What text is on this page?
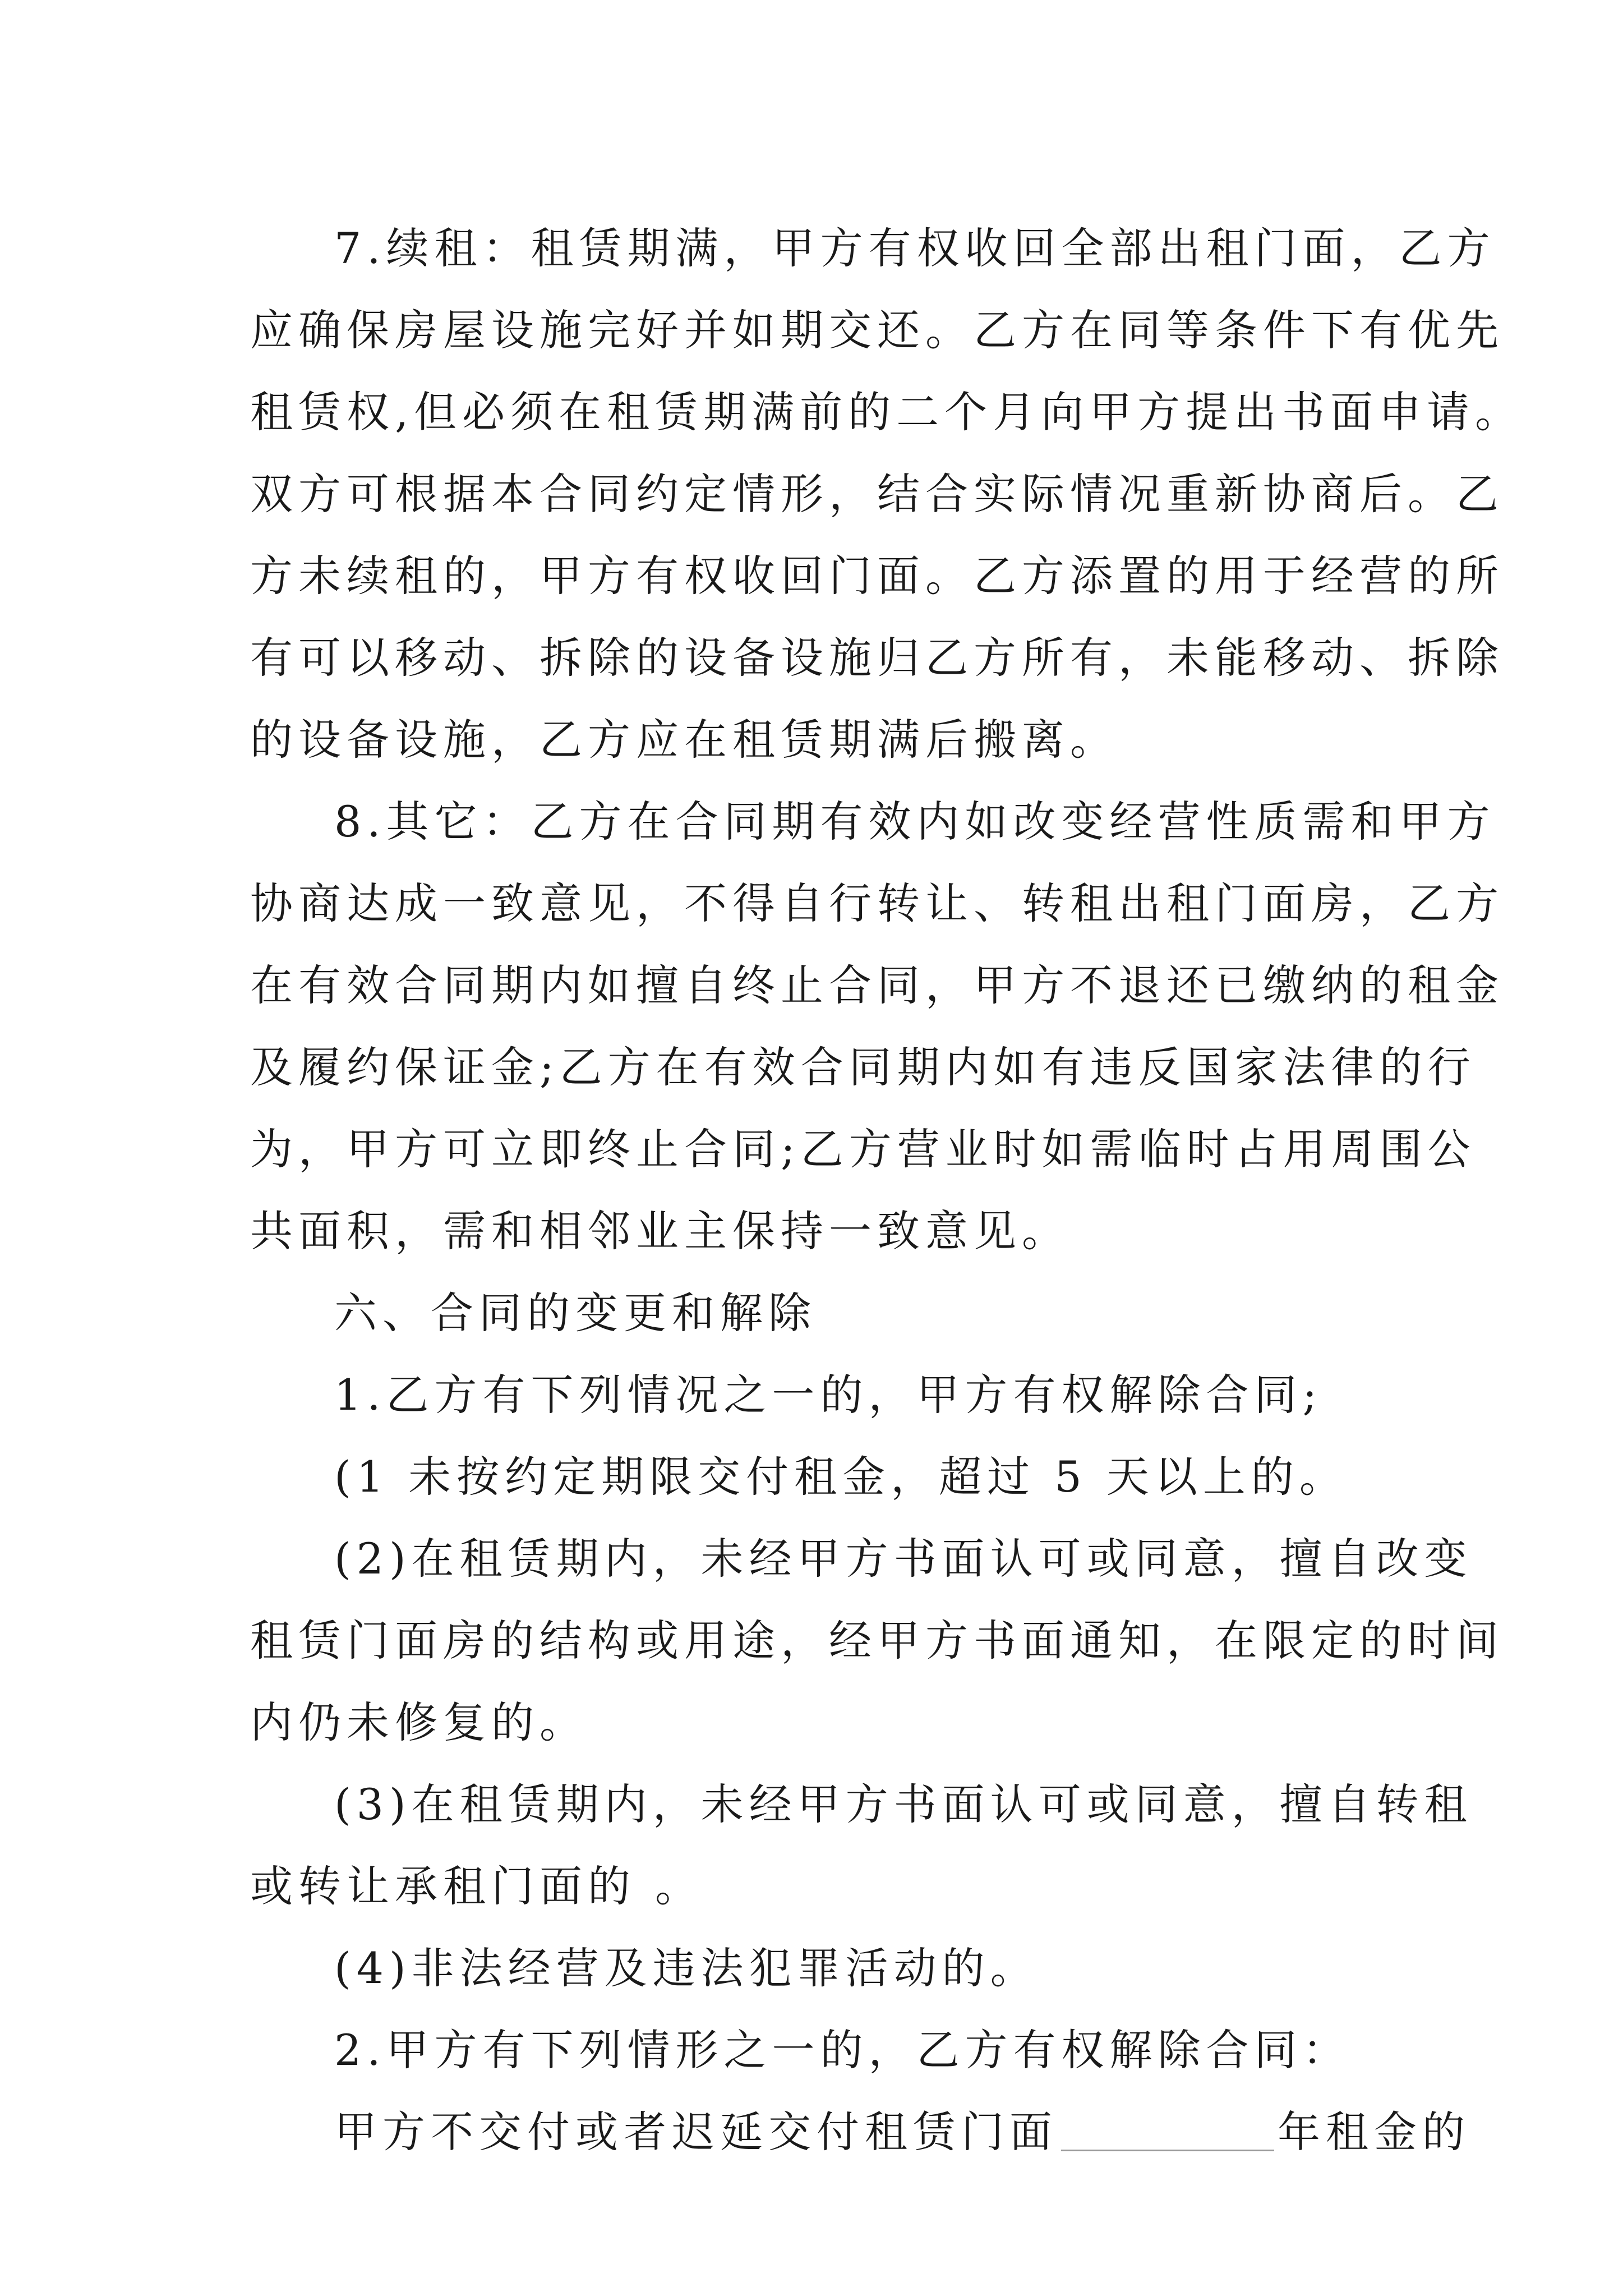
7.续租：租赁期满，甲方有权收回全部出租门面，乙方
应确保房屋设施完好并如期交还。乙方在同等条件下有优先
租赁权,但必须在租赁期满前的二个月向甲方提出书面申请。
双方可根据本合同约定情形，结合实际情况重新协商后。乙
方未续租的，甲方有权收回门面。乙方添置的用于经营的所
有可以移动、拆除的设备设施归乙方所有，未能移动、拆除
的设备设施，乙方应在租赁期满后搬离。
8.其它：乙方在合同期有效内如改变经营性质需和甲方
协商达成一致意见，不得自行转让、转租出租门面房，乙方
在有效合同期内如擅自终止合同，甲方不退还已缴纳的租金
及履约保证金;乙方在有效合同期内如有违反国家法律的行
为，甲方可立即终止合同;乙方营业时如需临时占用周围公
共面积，需和相邻业主保持一致意见。
六、合同的变更和解除
1.乙方有下列情况之一的，甲方有权解除合同;
(1 未按约定期限交付租金，超过 5 天以上的。
(2)在租赁期内，未经甲方书面认可或同意，擅自改变
租赁门面房的结构或用途，经甲方书面通知，在限定的时间
内仍未修复的。
(3)在租赁期内，未经甲方书面认可或同意，擅自转租
或转让承租门面的 。
(4)非法经营及违法犯罪活动的。
2.甲方有下列情形之一的，乙方有权解除合同：
甲方不交付或者迟延交付租赁门面	年租金的
